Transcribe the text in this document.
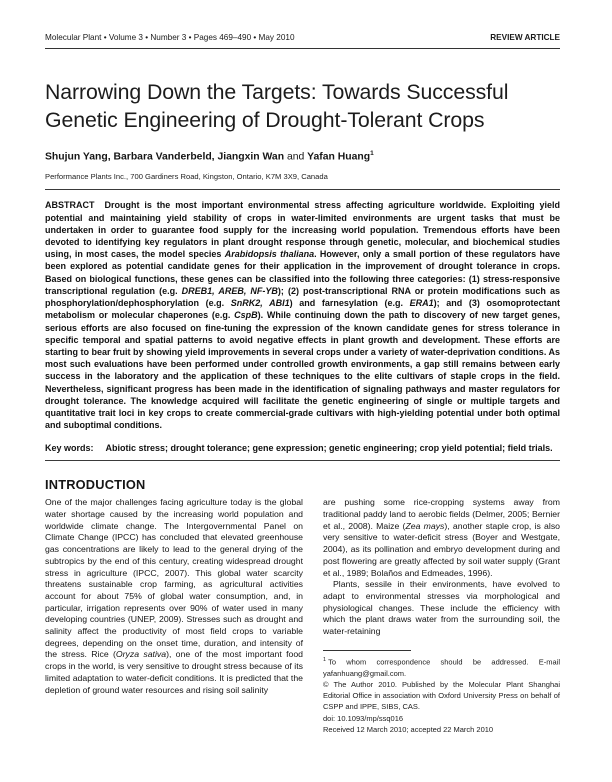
Molecular Plant • Volume 3 • Number 3 • Pages 469–490 • May 2010	REVIEW ARTICLE
Narrowing Down the Targets: Towards Successful Genetic Engineering of Drought-Tolerant Crops

Shujun Yang, Barbara Vanderbeld, Jiangxin Wan and Yafan Huang$^1$

Performance Plants Inc., 700 Gardiners Road, Kingston, Ontario, K7M 3X9, Canada

ABSTRACT Drought is the most important environmental stress affecting agriculture worldwide. Exploiting yield potential and maintaining yield stability of crops in water-limited environments are urgent tasks that must be undertaken in order to guarantee food supply for the increasing world population. Tremendous efforts have been devoted to identifying key regulators in plant drought response through genetic, molecular, and biochemical studies using, in most cases, the model species Arabidopsis thaliana. However, only a small portion of these regulators have been explored as potential candidate genes for their application in the improvement of drought tolerance in crops. Based on biological functions, these genes can be classified into the following three categories: (1) stress-responsive transcriptional regulation (e.g. DREB1, AREB, NF-YB); (2) post-transcriptional RNA or protein modifications such as phosphorylation/dephosphorylation (e.g. SnRK2, ABI1) and farnesylation (e.g. ERA1); and (3) osomoprotectant metabolism or molecular chaperones (e.g. CspB). While continuing down the path to discovery of new target genes, serious efforts are also focused on fine-tuning the expression of the known candidate genes for stress tolerance in specific temporal and spatial patterns to avoid negative effects in plant growth and development. These efforts are starting to bear fruit by showing yield improvements in several crops under a variety of water-deprivation conditions. As most such evaluations have been performed under controlled growth environments, a gap still remains between early success in the laboratory and the application of these techniques to the elite cultivars of staple crops in the field. Nevertheless, significant progress has been made in the identification of signaling pathways and master regulators for drought tolerance. The knowledge acquired will facilitate the genetic engineering of single or multiple targets and quantitative trait loci in key crops to create commercial-grade cultivars with high-yielding potential under both optimal and suboptimal conditions.

Key words: Abiotic stress; drought tolerance; gene expression; genetic engineering; crop yield potential; field trials.

INTRODUCTION

One of the major challenges facing agriculture today is the global water shortage caused by the increasing world population and worldwide climate change. The Intergovernmental Panel on Climate Change (IPCC) has concluded that elevated greenhouse gas concentrations are likely to lead to the general drying of the subtropics by the end of this century, creating widespread drought stress in agriculture (IPCC, 2007). This global water scarcity threatens sustainable crop farming, as agricultural activities account for about 75% of global water consumption, and, in particular, irrigation represents over 90% of water used in many developing countries (UNEP, 2009). Stresses such as drought and salinity affect the productivity of most field crops to variable degrees, depending on the onset time, duration, and intensity of the stress. Rice (Oryza sativa), one of the most important food crops in the world, is very sensitive to drought stress because of its limited adaptation to water-deficit conditions. It is predicted that the depletion of ground water resources and rising soil salinity

are pushing some rice-cropping systems away from traditional paddy land to aerobic fields (Delmer, 2005; Bernier et al., 2008). Maize (Zea mays), another staple crop, is also very sensitive to water-deficit stress (Boyer and Westgate, 2004), as its pollination and embryo development during and post flowering are greatly affected by soil water supply (Grant et al., 1989; Bolaños and Edmeades, 1996).

Plants, sessile in their environments, have evolved to adapt to environmental stresses via morphological and physiological changes. These include the efficiency with which the plant draws water from the surrounding soil, the water-retaining

$^1$ To whom correspondence should be addressed. E-mail yafanhuang@gmail.com.

© The Author 2010. Published by the Molecular Plant Shanghai Editorial Office in association with Oxford University Press on behalf of CSPP and IPPE, SIBS, CAS.

doi: 10.1093/mp/ssq016

Received 12 March 2010; accepted 22 March 2010
